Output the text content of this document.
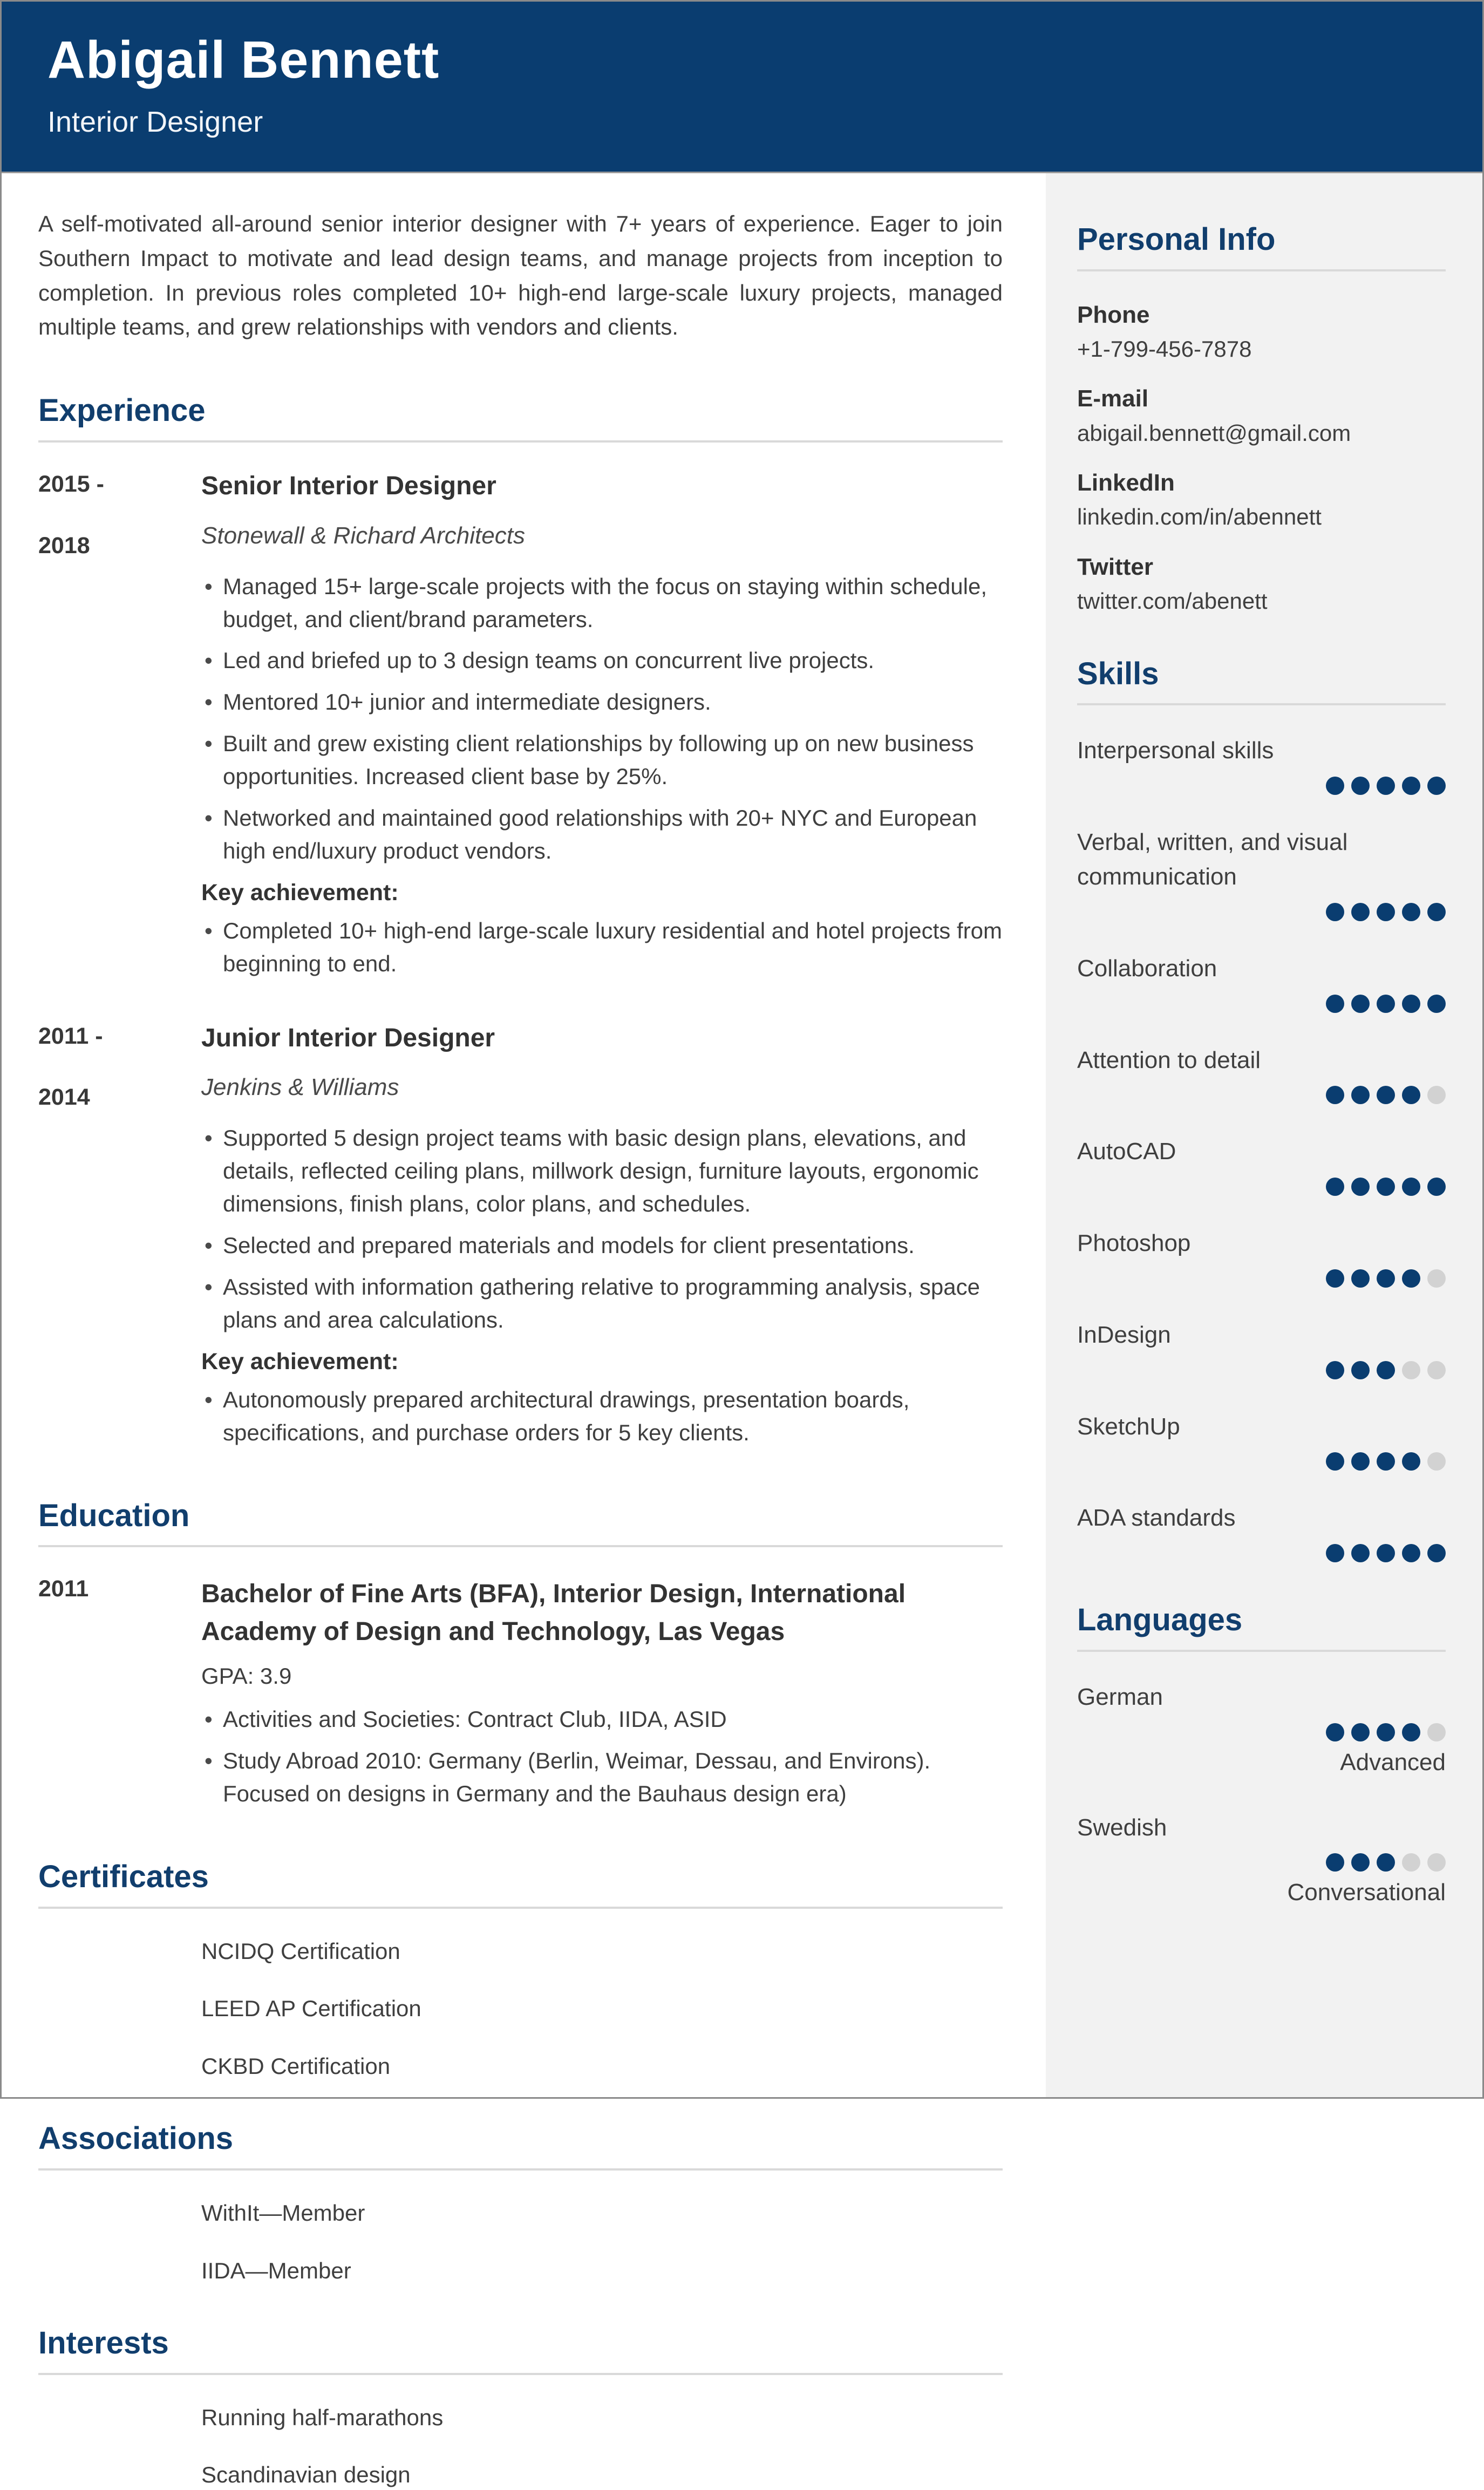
Abigail Bennett
Interior Designer

A self-motivated all-around senior interior designer with 7+ years of experience. Eager to join Southern Impact to motivate and lead design teams, and manage projects from inception to completion. In previous roles completed 10+ high-end large-scale luxury projects, managed multiple teams, and grew relationships with vendors and clients.

Experience
2015 -
2018
Senior Interior Designer
Stonewall & Richard Architects
• Managed 15+ large-scale projects with the focus on staying within schedule, budget, and client/brand parameters.
• Led and briefed up to 3 design teams on concurrent live projects.
• Mentored 10+ junior and intermediate designers.
• Built and grew existing client relationships by following up on new business opportunities. Increased client base by 25%.
• Networked and maintained good relationships with 20+ NYC and European high end/luxury product vendors.

Key achievement:

• Completed 10+ high-end large-scale luxury residential and hotel projects from beginning to end.
2011 -
2014
Junior Interior Designer
Jenkins & Williams
• Supported 5 design project teams with basic design plans, elevations, and details, reflected ceiling plans, millwork design, furniture layouts, ergonomic dimensions, finish plans, color plans, and schedules.
• Selected and prepared materials and models for client presentations.
• Assisted with information gathering relative to programming analysis, space plans and area calculations.

Key achievement:

• Autonomously prepared architectural drawings, presentation boards, specifications, and purchase orders for 5 key clients.
Education
2011	Bachelor of Fine Arts (BFA), Interior Design, International Academy of Design and Technology, Las Vegas
GPA: 3.9
• Activities and Societies: Contract Club, IIDA, ASID
• Study Abroad 2010: Germany (Berlin, Weimar, Dessau, and Environs). Focused on designs in Germany and the Bauhaus design era)
Certificates
NCIDQ Certification
LEED AP Certification
CKBD Certification
Associations
WithIt—Member
IIDA—Member
Interests
Running half-marathons
Scandinavian design
Personal Info
Phone
+1-799-456-7878
E-mail
abigail.bennett@gmail.com
LinkedIn
linkedin.com/in/abennett
Twitter
twitter.com/abenett
Skills
Interpersonal skills
Verbal, written, and visual communication
Collaboration
Attention to detail
AutoCAD
Photoshop
InDesign
SketchUp
ADA standards
Languages
German
Advanced
Swedish
Conversational
